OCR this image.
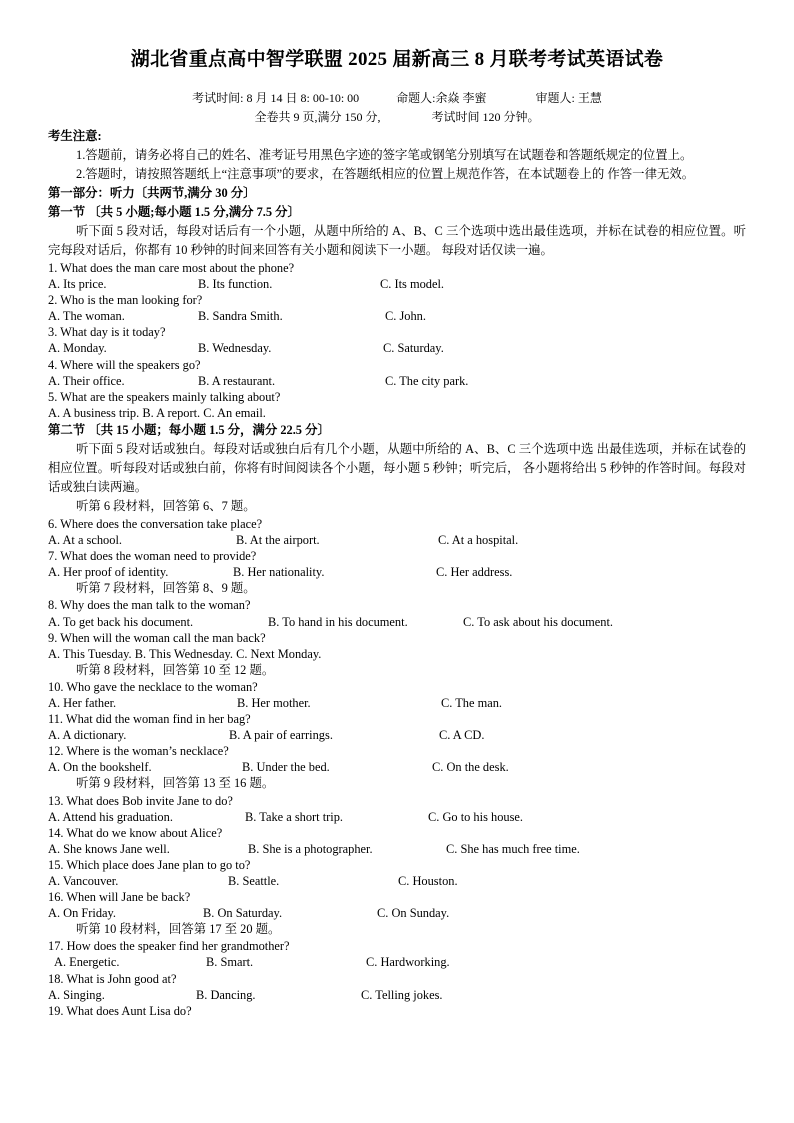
湖北省重点高中智学联盟 2025 届新高三 8 月联考考试英语试卷
考试时间: 8 月 14 日 8: 00-10: 00	命题人:余焱 李蜜	审题人: 王慧
全卷共 9 页,满分 150 分,	考试时间 120 分钟。
考生注意:
1.答题前，请务必将自己的姓名、准考证号用黑色字迹的签字笔或钢笔分别填写在试题卷和答题纸规定的位置上。
2.答题时，请按照答题纸上“注意事项”的要求，在答题纸相应的位置上规范作答，在本试题卷上的 作答一律无效。
第一部分：听力〔共两节,满分 30 分〕
第一节 〔共 5 小题;每小题 1.5 分,满分 7.5 分〕
听下面 5 段对话，每段对话后有一个小题，从题中所给的 A、B、C 三个选项中选出最佳选项，并标在试卷的相应位置。听完每段对话后，你都有 10 秒钟的时间来回答有关小题和阅读下一小题。 每段对话仅读一遍。
1. What does the man care most about the phone?
A. Its price.	B. Its function.	C. Its model.
2. Who is the man looking for?
A. The woman.	B. Sandra Smith.	C. John.
3. What day is it today?
A. Monday.	B. Wednesday.	C. Saturday.
4. Where will the speakers go?
A. Their office.	B. A restaurant.	C. The city park.
5. What are the speakers mainly talking about?
A. A business trip. B. A report. C. An email.
第二节 〔共 15 小题；每小题 1.5 分，满分 22.5 分〕
听下面 5 段对话或独白。每段对话或独白后有几个小题，从题中所给的 A、B、C 三个选项中选 出最佳选项，并标在试卷的相应位置。听每段对话或独白前，你将有时间阅读各个小题，每小题 5 秒钟；听完后， 各小题将给出 5 秒钟的作答时间。每段对话或独白读两遍。
听第 6 段材料，回答第 6、7 题。
6. Where does the conversation take place?
A. At a school.	B. At the airport.	C. At a hospital.
7. What does the woman need to provide?
A. Her proof of identity.	B. Her nationality.	C. Her address.
听第 7 段材料，回答第 8、9 题。
8. Why does the man talk to the woman?
A. To get back his document.	B. To hand in his document.	C. To ask about his document.
9. When will the woman call the man back?
A. This Tuesday. B. This Wednesday. C. Next Monday.
听第 8 段材料，回答第 10 至 12 题。
10. Who gave the necklace to the woman?
A. Her father.	B. Her mother.	C. The man.
11. What did the woman find in her bag?
A. A dictionary.	B. A pair of earrings.	C. A CD.
12. Where is the woman’s necklace?
A. On the bookshelf.	B. Under the bed.	C. On the desk.
听第 9 段材料，回答第 13 至 16 题。
13. What does Bob invite Jane to do?
A. Attend his graduation.	B. Take a short trip.	C. Go to his house.
14. What do we know about Alice?
A. She knows Jane well.	B. She is a photographer.	C. She has much free time.
15. Which place does Jane plan to go to?
A. Vancouver.	B. Seattle.	C. Houston.
16. When will Jane be back?
A. On Friday.	B. On Saturday.	C. On Sunday.
听第 10 段材料，回答第 17 至 20 题。
17. How does the speaker find her grandmother?
A. Energetic.	B. Smart.	C. Hardworking.
18. What is John good at?
A. Singing.	B. Dancing.	C. Telling jokes.
19. What does Aunt Lisa do?
